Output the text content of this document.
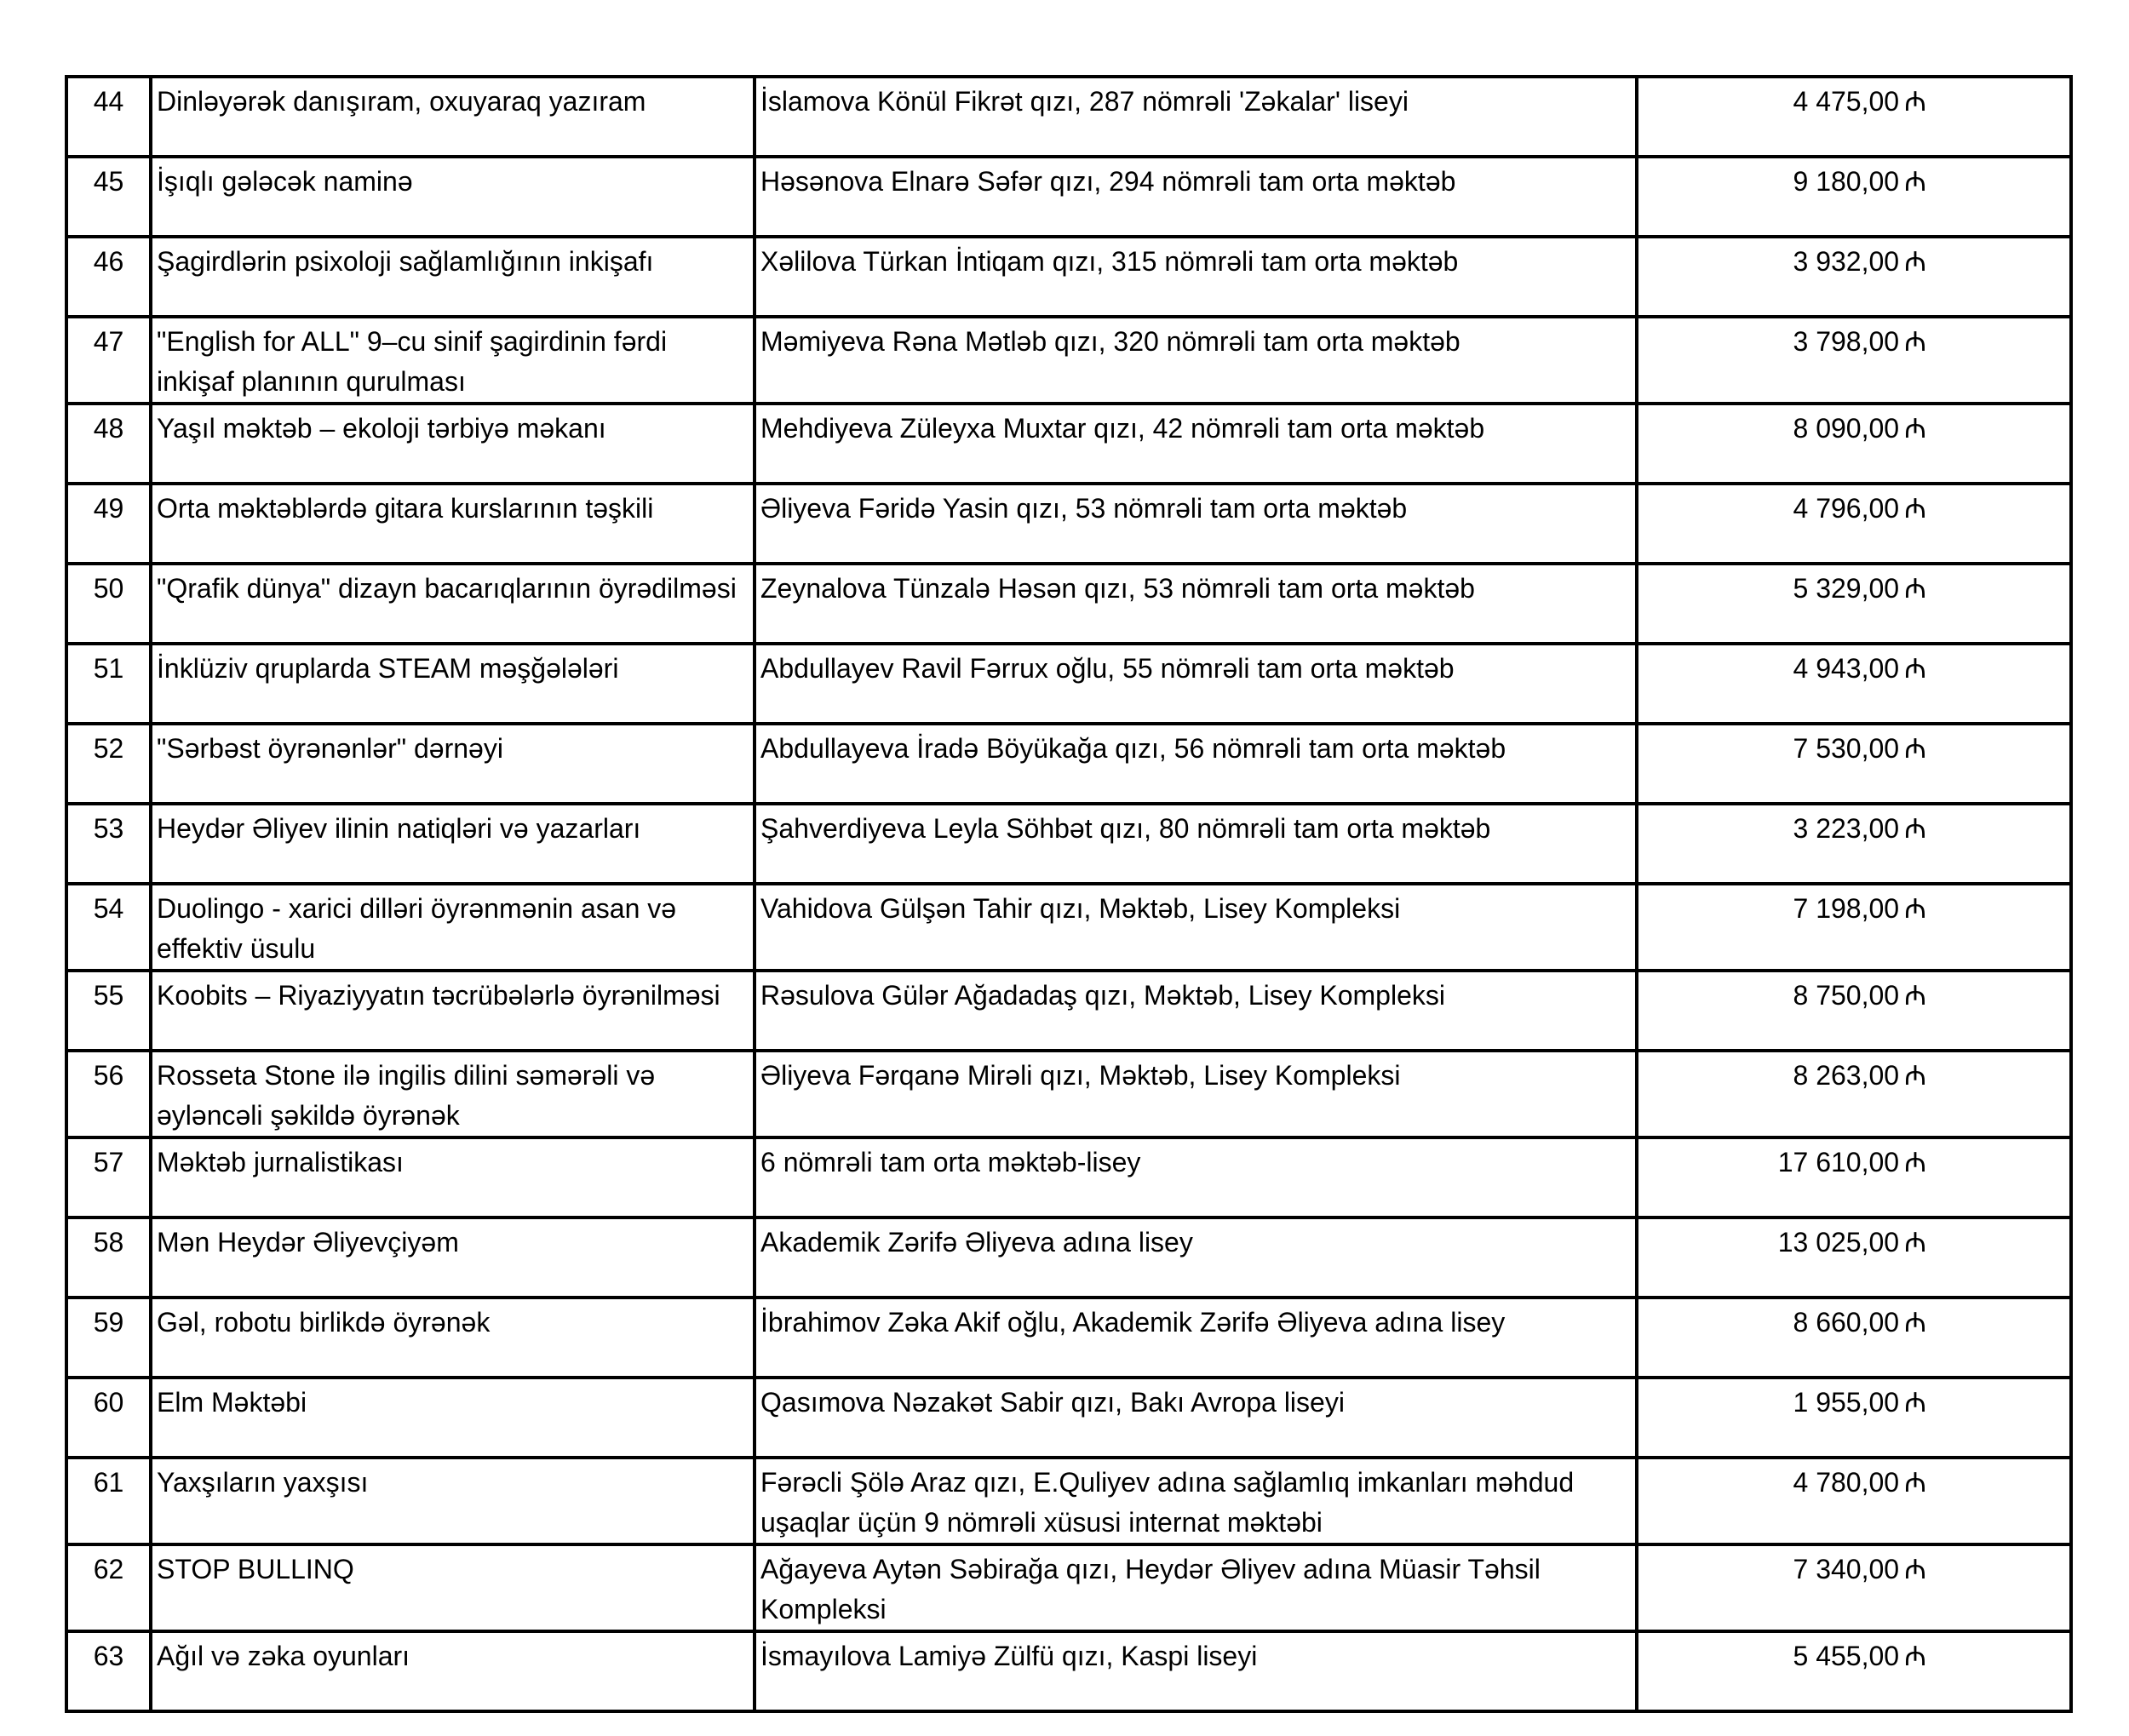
44	Dinləyərək danışıram, oxuyaraq yazıram	İslamova Könül Fikrət qızı, 287 nömrəli 'Zəkalar' liseyi	4 475,00 ₼
45	İşıqlı gələcək naminə	Həsənova Elnarə Səfər qızı, 294 nömrəli tam orta məktəb	9 180,00 ₼
46	Şagirdlərin psixoloji sağlamlığının inkişafı	Xəlilova Türkan İntiqam qızı, 315 nömrəli tam orta məktəb	3 932,00 ₼
47	"English for ALL" 9–cu sinif şagirdinin fərdi inkişaf planının qurulması	Məmiyeva Rəna Mətləb qızı, 320 nömrəli tam orta məktəb	3 798,00 ₼
48	Yaşıl məktəb – ekoloji tərbiyə məkanı	Mehdiyeva Züleyxa Muxtar qızı, 42 nömrəli tam orta məktəb	8 090,00 ₼
49	Orta məktəblərdə gitara kurslarının təşkili	Əliyeva Fəridə Yasin qızı, 53 nömrəli tam orta məktəb	4 796,00 ₼
50	"Qrafik dünya" dizayn bacarıqlarının öyrədilməsi	Zeynalova Tünzalə Həsən qızı, 53 nömrəli tam orta məktəb	5 329,00 ₼
51	İnklüziv qruplarda STEAM məşğələləri	Abdullayev Ravil Fərrux oğlu, 55 nömrəli tam orta məktəb	4 943,00 ₼
52	"Sərbəst öyrənənlər" dərnəyi	Abdullayeva İradə Böyükağa qızı, 56 nömrəli tam orta məktəb	7 530,00 ₼
53	Heydər Əliyev ilinin natiqləri və yazarları	Şahverdiyeva Leyla Söhbət qızı, 80 nömrəli tam orta məktəb	3 223,00 ₼
54	Duolingo - xarici dilləri öyrənmənin asan və effektiv üsulu	Vahidova Gülşən Tahir qızı, Məktəb, Lisey Kompleksi	7 198,00 ₼
55	Koobits – Riyaziyyatın təcrübələrlə öyrənilməsi	Rəsulova Gülər Ağadadaş qızı, Məktəb, Lisey Kompleksi	8 750,00 ₼
56	Rosseta Stone ilə ingilis dilini səmərəli və əyləncəli şəkildə öyrənək	Əliyeva Fərqanə Mirəli qızı, Məktəb, Lisey Kompleksi	8 263,00 ₼
57	Məktəb jurnalistikası	6 nömrəli tam orta məktəb-lisey	17 610,00 ₼
58	Mən Heydər Əliyevçiyəm	Akademik Zərifə Əliyeva adına lisey	13 025,00 ₼
59	Gəl, robotu birlikdə öyrənək	İbrahimov Zəka Akif oğlu, Akademik Zərifə Əliyeva adına lisey	8 660,00 ₼
60	Elm Məktəbi	Qasımova Nəzakət Sabir qızı, Bakı Avropa liseyi	1 955,00 ₼
61	Yaxşıların yaxşısı	Fərəcli Şölə Araz qızı, E.Quliyev adına sağlamlıq imkanları məhdud uşaqlar üçün 9 nömrəli xüsusi internat məktəbi	4 780,00 ₼
62	STOP BULLINQ	Ağayeva Aytən Səbirağa qızı, Heydər Əliyev adına Müasir Təhsil Kompleksi	7 340,00 ₼
63	Ağıl və zəka oyunları	İsmayılova Lamiyə Zülfü qızı, Kaspi liseyi	5 455,00 ₼
